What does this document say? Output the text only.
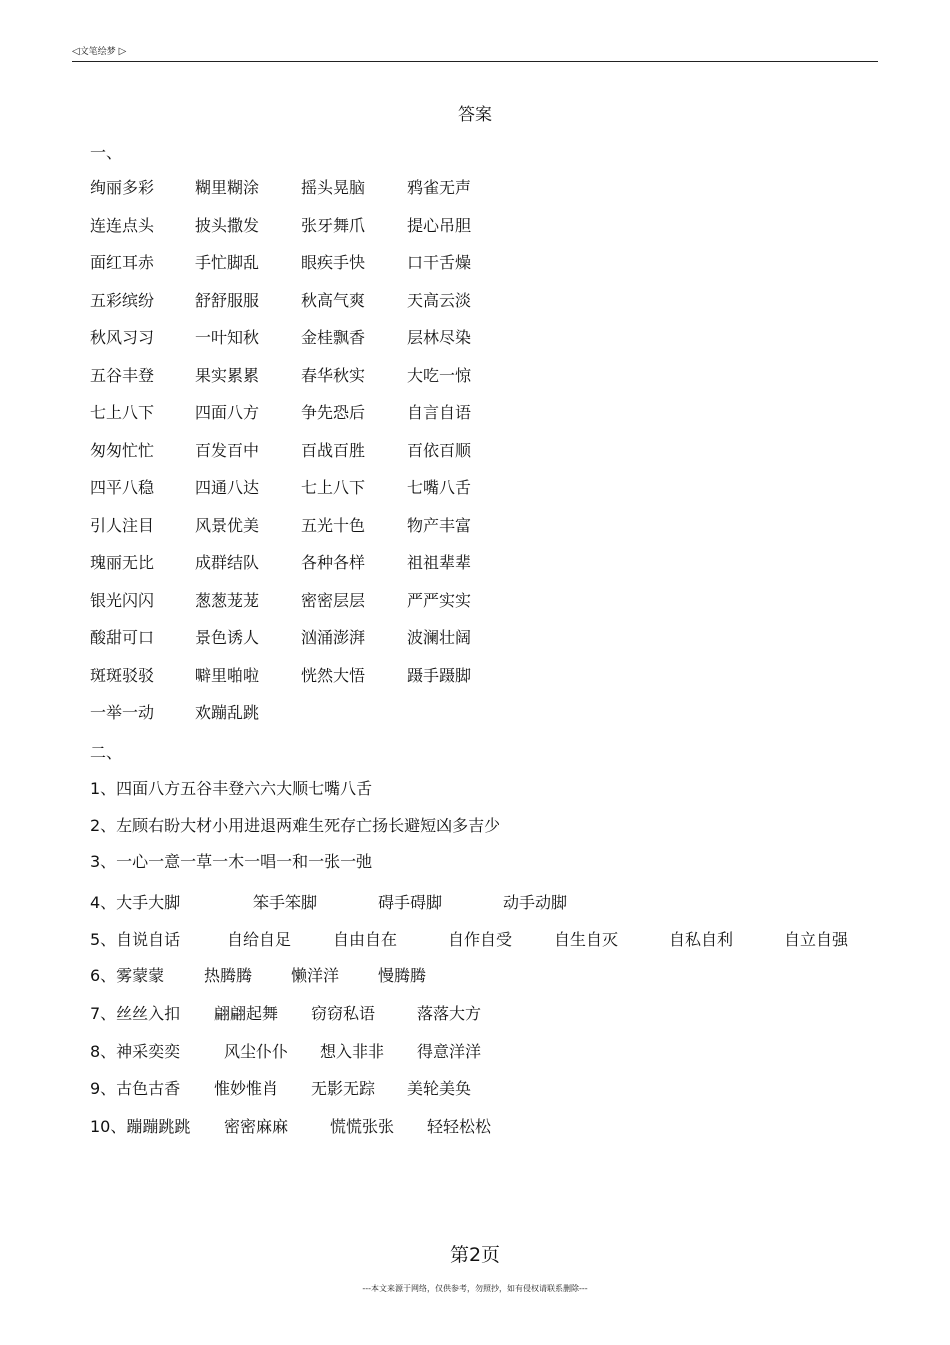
◁文笔绘梦 ▷
答案
一、
绚丽多彩	糊里糊涂	摇头晃脑	鸦雀无声
连连点头	披头撒发	张牙舞爪	提心吊胆
面红耳赤	手忙脚乱	眼疾手快	口干舌燥
五彩缤纷	舒舒服服	秋高气爽	天高云淡
秋风习习	一叶知秋	金桂飘香	层林尽染
五谷丰登	果实累累	春华秋实	大吃一惊
七上八下	四面八方	争先恐后	自言自语
匆匆忙忙	百发百中	百战百胜	百依百顺
四平八稳	四通八达	七上八下	七嘴八舌
引人注目	风景优美	五光十色	物产丰富
瑰丽无比	成群结队	各种各样	祖祖辈辈
银光闪闪	葱葱茏茏	密密层层	严严实实
酸甜可口	景色诱人	汹涌澎湃	波澜壮阔
斑斑驳驳	噼里啪啦	恍然大悟	蹑手蹑脚
一举一动	欢蹦乱跳
二、
1、四面八方五谷丰登六六大顺七嘴八舌
2、左顾右盼大材小用进退两难生死存亡扬长避短凶多吉少
3、一心一意一草一木一唱一和一张一弛
4、大手大脚	笨手笨脚	碍手碍脚	动手动脚
5、自说自话	自给自足	自由自在	自作自受	自生自灭	自私自利	自立自强
6、雾蒙蒙 热腾腾 懒洋洋 慢腾腾
7、丝丝入扣 翩翩起舞 窃窃私语	落落大方
8、神采奕奕	风尘仆仆 想入非非 得意洋洋
9、古色古香 惟妙惟肖 无影无踪 美轮美奂
10、蹦蹦跳跳 密密麻麻	慌慌张张 轻轻松松
第2页
---本文来源于网络，仅供参考，勿照抄，如有侵权请联系删除---
